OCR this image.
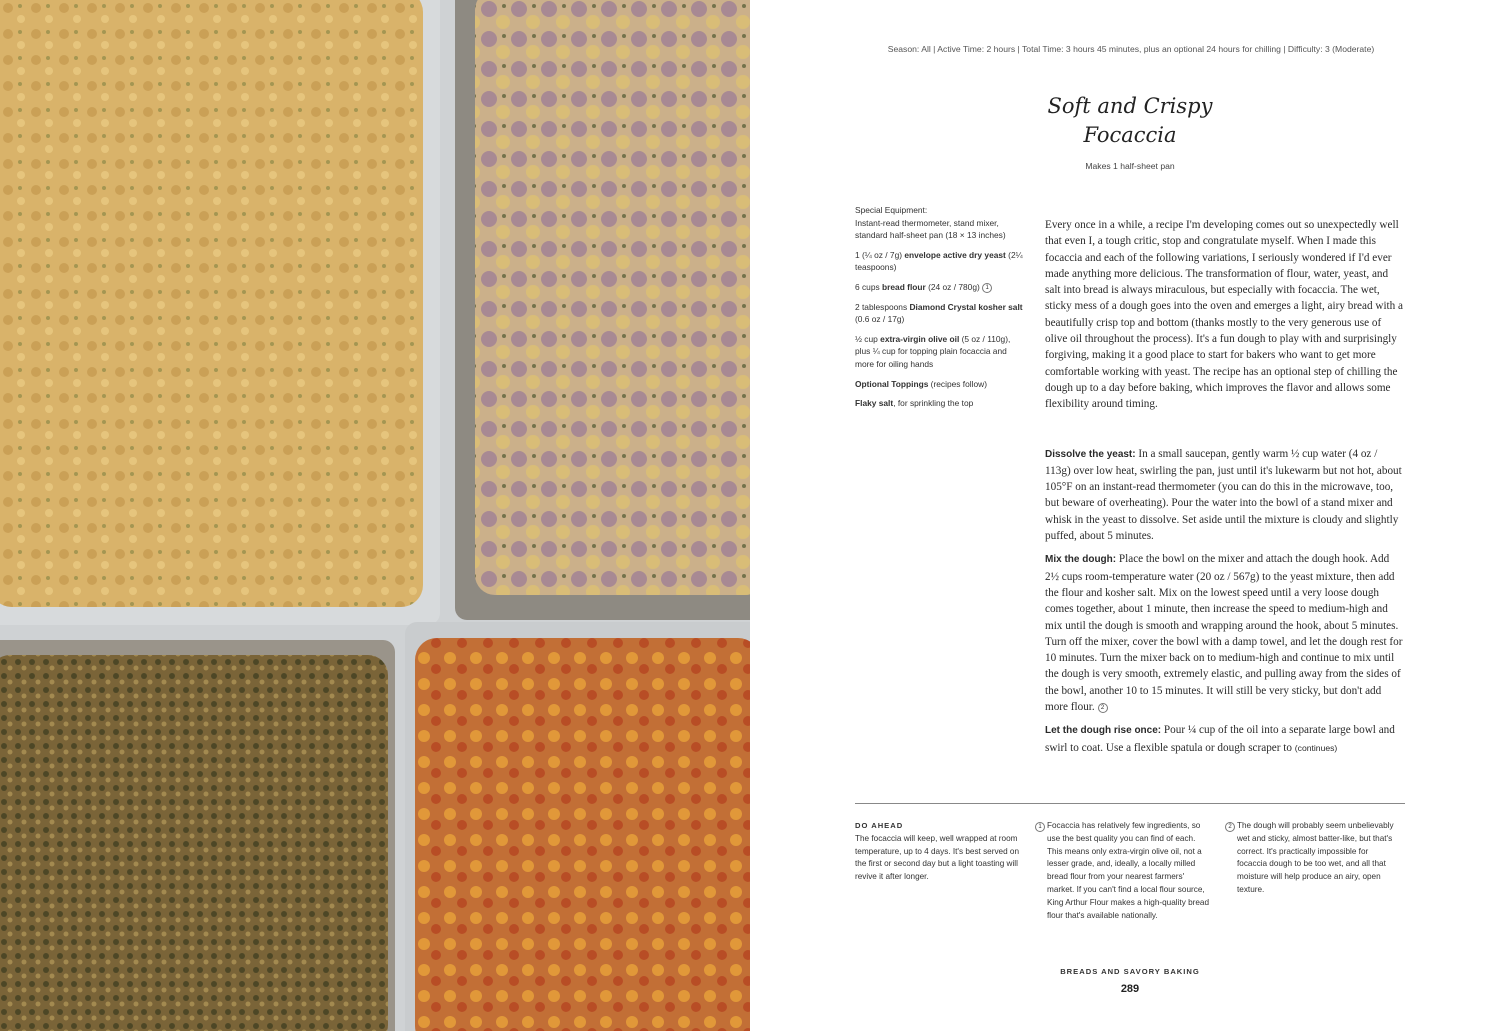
Season: All | Active Time: 2 hours | Total Time: 3 hours 45 minutes, plus an optional 24 hours for chilling | Difficulty: 3 (Moderate)
Soft and Crispy
Focaccia
Makes 1 half-sheet pan

Special Equipment:
Instant-read thermometer, stand mixer, standard half-sheet pan (18 × 13 inches)

1 (¼ oz / 7g) envelope active dry yeast (2¼ teaspoons)

6 cups bread flour (24 oz / 780g) 1

2 tablespoons Diamond Crystal kosher salt (0.6 oz / 17g)

½ cup extra-virgin olive oil (5 oz / 110g), plus ¼ cup for topping plain focaccia and more for oiling hands

Optional Toppings (recipes follow)

Flaky salt, for sprinkling the top

Every once in a while, a recipe I'm developing comes out so unexpectedly well that even I, a tough critic, stop and congratulate myself. When I made this focaccia and each of the following variations, I seriously wondered if I'd ever made anything more delicious. The transformation of flour, water, yeast, and salt into bread is always miraculous, but especially with focaccia. The wet, sticky mess of a dough goes into the oven and emerges a light, airy bread with a beautifully crisp top and bottom (thanks mostly to the very generous use of olive oil throughout the process). It's a fun dough to play with and surprisingly forgiving, making it a good place to start for bakers who want to get more comfortable working with yeast. The recipe has an optional step of chilling the dough up to a day before baking, which improves the flavor and allows some flexibility around timing.

Dissolve the yeast: In a small saucepan, gently warm ½ cup water (4 oz / 113g) over low heat, swirling the pan, just until it's lukewarm but not hot, about 105°F on an instant-read thermometer (you can do this in the microwave, too, but beware of overheating). Pour the water into the bowl of a stand mixer and whisk in the yeast to dissolve. Set aside until the mixture is cloudy and slightly puffed, about 5 minutes.

Mix the dough: Place the bowl on the mixer and attach the dough hook. Add 2½ cups room-temperature water (20 oz / 567g) to the yeast mixture, then add the flour and kosher salt. Mix on the lowest speed until a very loose dough comes together, about 1 minute, then increase the speed to medium-high and mix until the dough is smooth and wrapping around the hook, about 5 minutes. Turn off the mixer, cover the bowl with a damp towel, and let the dough rest for 10 minutes. Turn the mixer back on to medium-high and continue to mix until the dough is very smooth, extremely elastic, and pulling away from the sides of the bowl, another 10 to 15 minutes. It will still be very sticky, but don't add more flour. 2

Let the dough rise once: Pour ¼ cup of the oil into a separate large bowl and swirl to coat. Use a flexible spatula or dough scraper to (continues)

DO AHEAD

The focaccia will keep, well wrapped at room temperature, up to 4 days. It's best served on the first or second day but a light toasting will revive it after longer.

1 Focaccia has relatively few ingredients, so use the best quality you can find of each. This means only extra-virgin olive oil, not a lesser grade, and, ideally, a locally milled bread flour from your nearest farmers' market. If you can't find a local flour source, King Arthur Flour makes a high-quality bread flour that's available nationally.

2 The dough will probably seem unbelievably wet and sticky, almost batter-like, but that's correct. It's practically impossible for focaccia dough to be too wet, and all that moisture will help produce an airy, open texture.

BREADS AND SAVORY BAKING
289
